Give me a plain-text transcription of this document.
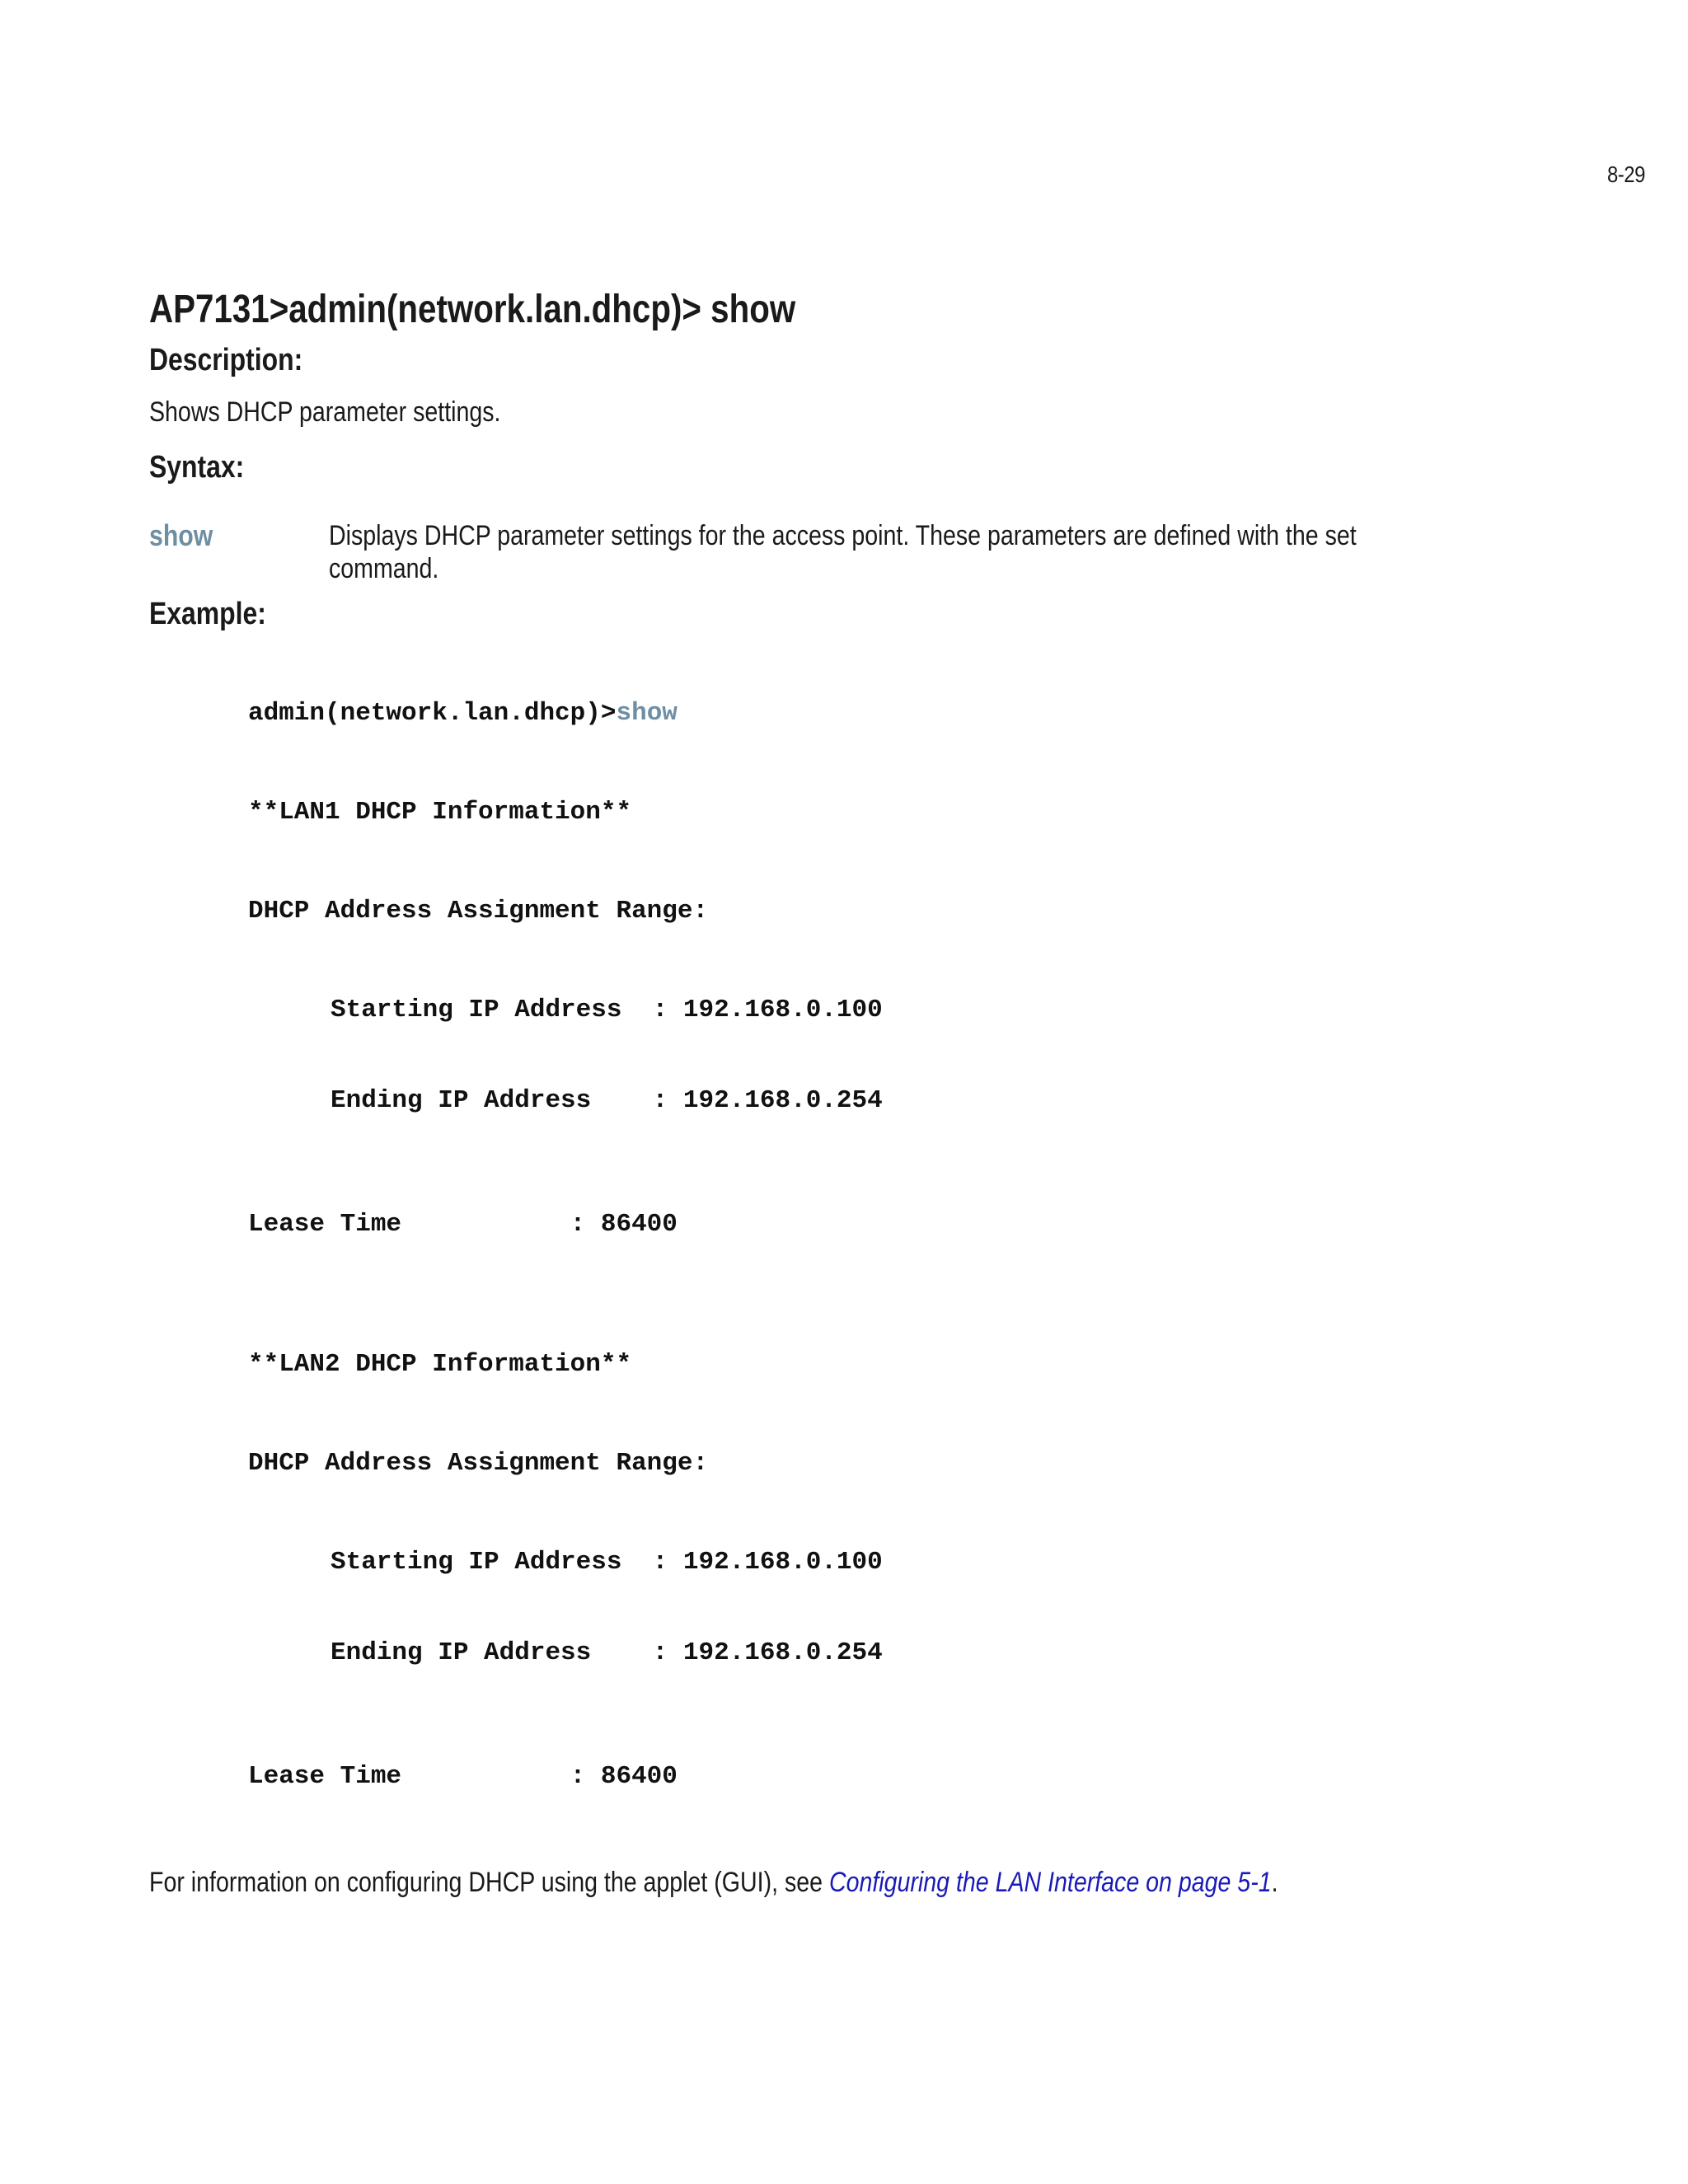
8-29
AP7131>admin(network.lan.dhcp)> show
Description:
Shows DHCP parameter settings.
Syntax:
show	Displays DHCP parameter settings for the access point. These parameters are defined with the set
command.
Example:

admin(network.lan.dhcp)>show

**LAN1 DHCP Information**

DHCP Address Assignment Range:

Starting IP Address  : 192.168.0.100

Ending IP Address    : 192.168.0.254

Lease Time           : 86400

**LAN2 DHCP Information**

DHCP Address Assignment Range:

Starting IP Address  : 192.168.0.100

Ending IP Address    : 192.168.0.254

Lease Time           : 86400

For information on configuring DHCP using the applet (GUI), see Configuring the LAN Interface on page 5-1.
